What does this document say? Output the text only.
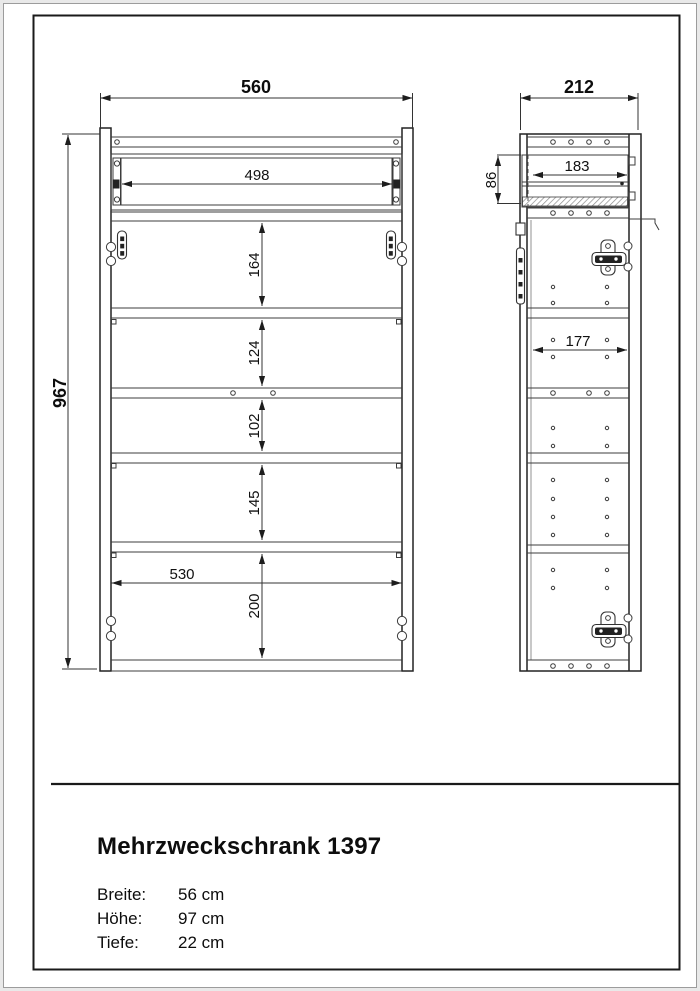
560
967
498
164
124
102
145
200
530
212
183
86
177
Mehrzweckschrank 1397
Breite:	56 cm
Höhe:	97 cm
Tiefe:	22 cm
